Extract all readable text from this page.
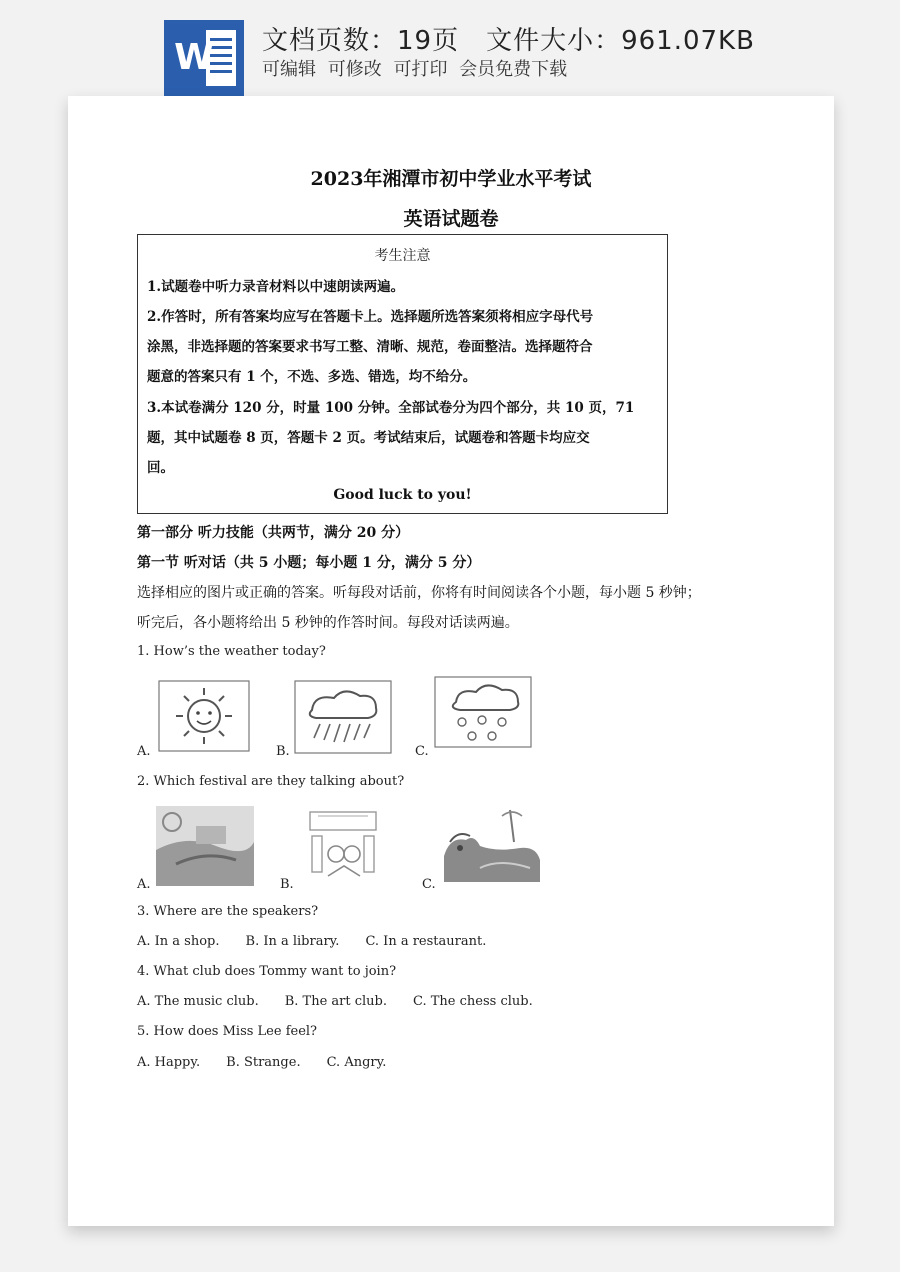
W 文档页数：19页　文件大小：961.07KB
可编辑 可修改 可打印 会员免费下载
2023年湘潭市初中学业水平考试
英语试题卷
考生注意
1.试题卷中听力录音材料以中速朗读两遍。
2.作答时，所有答案均应写在答题卡上。选择题所选答案须将相应字母代号
涂黑，非选择题的答案要求书写工整、清晰、规范，卷面整洁。选择题符合
题意的答案只有 1 个，不选、多选、错选，均不给分。
3.本试卷满分 120 分，时量 100 分钟。全部试卷分为四个部分，共 10 页，71
题，其中试题卷 8 页，答题卡 2 页。考试结束后，试题卷和答题卡均应交
回。
Good luck to you!
第一部分 听力技能（共两节，满分 20 分）
第一节 听对话（共 5 小题；每小题 1 分，满分 5 分）
选择相应的图片或正确的答案。听每段对话前，你将有时间阅读各个小题，每小题 5 秒钟；
听完后，各小题将给出 5 秒钟的作答时间。每段对话读两遍。
1. How’s the weather today?
A.	B.	C.
2. Which festival are they talking about?
A.	B.	C.
3. Where are the speakers?
A. In a shop. B. In a library. C. In a restaurant.
4. What club does Tommy want to join?
A. The music club. B. The art club. C. The chess club.
5. How does Miss Lee feel?
A. Happy. B. Strange. C. Angry.
